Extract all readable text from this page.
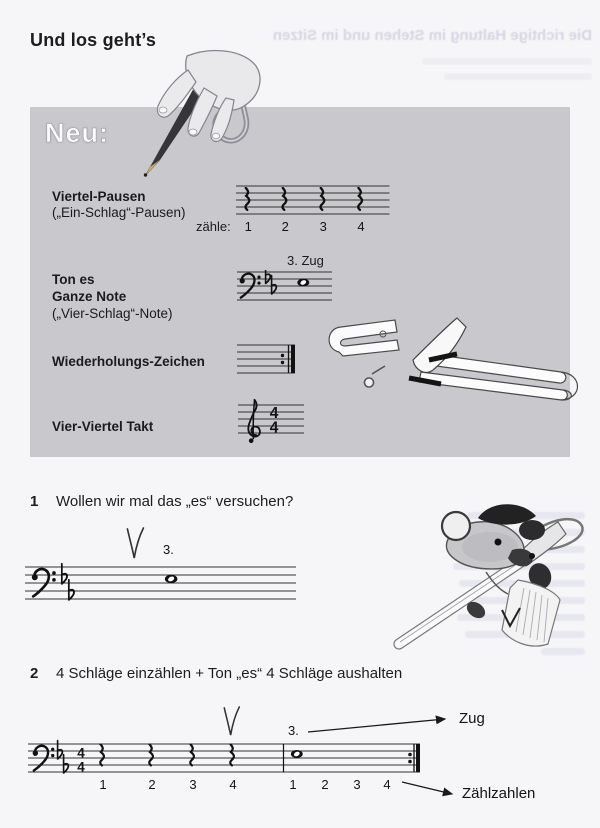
Die richtige Haltung im Stehen und im Sitzen
Und los geht’s
Neu:
Viertel-Pausen
(„Ein-Schlag“-Pausen)
zähle: 1 2 3 4
Ton es
Ganze Note
(„Vier-Schlag“-Note)
3. Zug
Wiederholungs-Zeichen
Vier-Viertel Takt
4
4
1 Wollen wir mal das „es“ versuchen?
3.
2 4 Schläge einzählen + Ton „es“ 4 Schläge aushalten
4
4
3.
1	2	3	4	1 2 3 4
Zug
Zählzahlen
